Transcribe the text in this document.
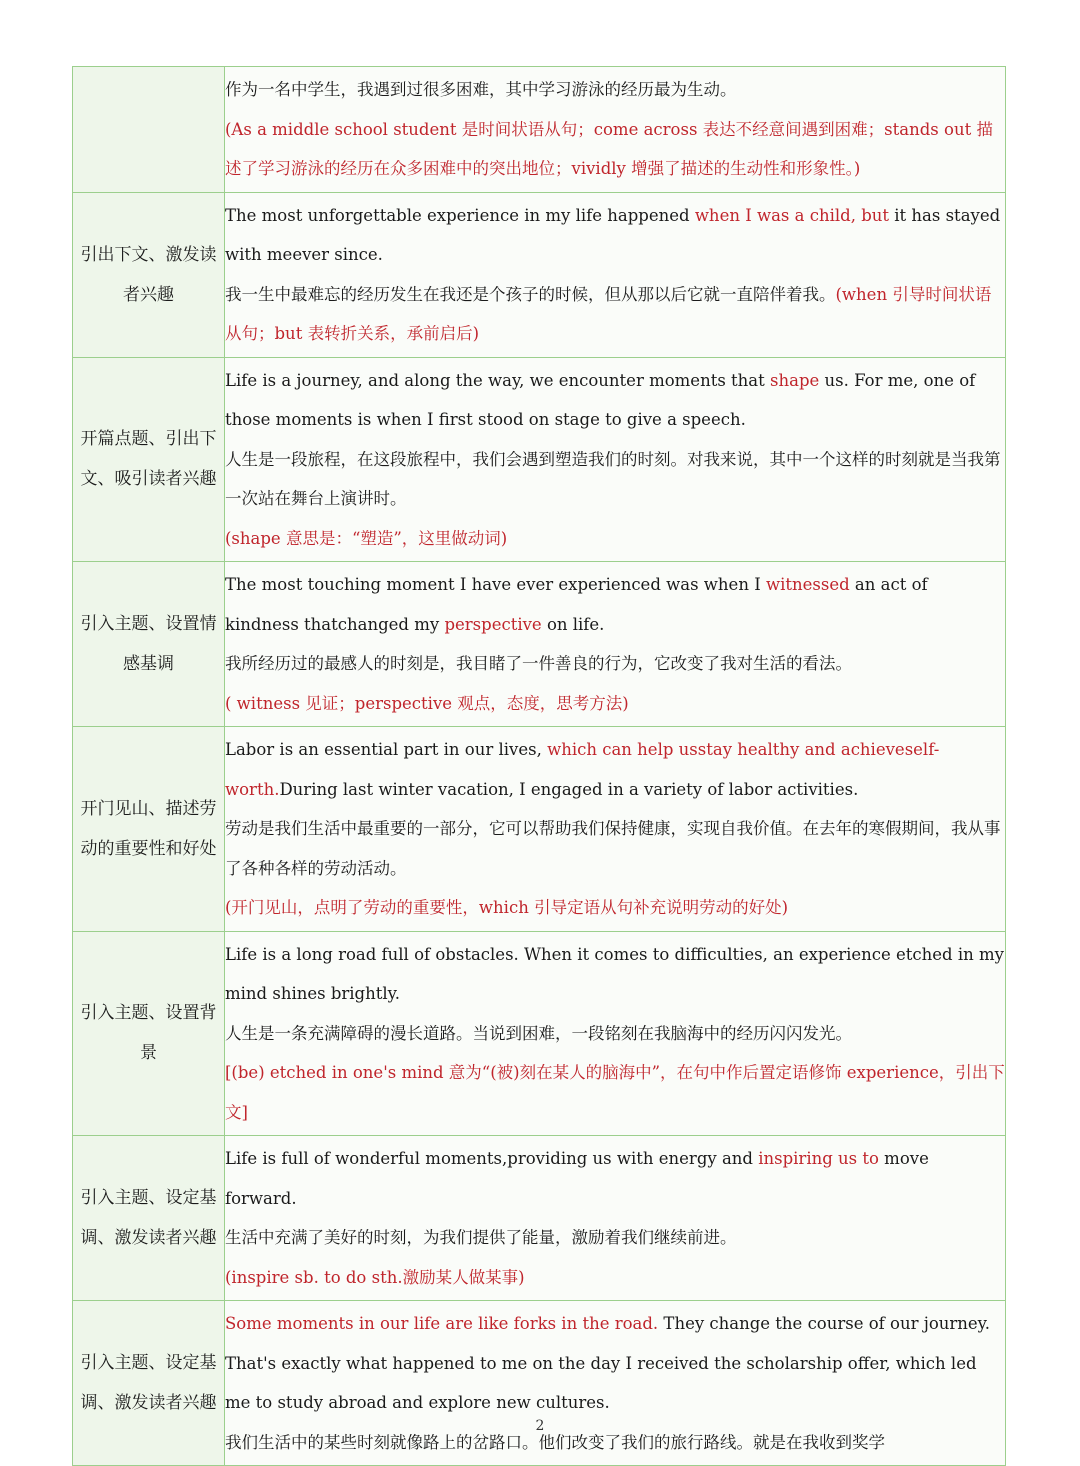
	作为一名中学生，我遇到过很多困难，其中学习游泳的经历最为生动。
(As a middle school student 是时间状语从句；come across 表达不经意间遇到困难；stands out 描述了学习游泳的经历在众多困难中的突出地位；vividly 增强了描述的生动性和形象性。)

引出下文、激发读者兴趣	The most unforgettable experience in my life happened when I was a child, but it has stayed with meever since.
我一生中最难忘的经历发生在我还是个孩子的时候，但从那以后它就一直陪伴着我。(when 引导时间状语从句；but 表转折关系，承前启后)

开篇点题、引出下文、吸引读者兴趣	Life is a journey, and along the way, we encounter moments that shape us. For me, one of those moments is when I first stood on stage to give a speech.
人生是一段旅程，在这段旅程中，我们会遇到塑造我们的时刻。对我来说，其中一个这样的时刻就是当我第一次站在舞台上演讲时。
(shape 意思是：“塑造”，这里做动词)

引入主题、设置情感基调	The most touching moment I have ever experienced was when I witnessed an act of kindness thatchanged my perspective on life.
我所经历过的最感人的时刻是，我目睹了一件善良的行为，它改变了我对生活的看法。
( witness 见证；perspective 观点，态度，思考方法)

开门见山、描述劳动的重要性和好处	Labor is an essential part in our lives, which can help usstay healthy and achieveself-worth.During last winter vacation, I engaged in a variety of labor activities.
劳动是我们生活中最重要的一部分，它可以帮助我们保持健康，实现自我价值。在去年的寒假期间，我从事了各种各样的劳动活动。
(开门见山，点明了劳动的重要性，which 引导定语从句补充说明劳动的好处)

引入主题、设置背景	Life is a long road full of obstacles. When it comes to difficulties, an experience etched in my mind shines brightly.
人生是一条充满障碍的漫长道路。当说到困难，一段铭刻在我脑海中的经历闪闪发光。
[(be) etched in one's mind 意为“(被)刻在某人的脑海中”，在句中作后置定语修饰 experience，引出下文]

引入主题、设定基调、激发读者兴趣	Life is full of wonderful moments,providing us with energy and inspiring us to move forward.
生活中充满了美好的时刻，为我们提供了能量，激励着我们继续前进。
(inspire sb. to do sth.激励某人做某事)

引入主题、设定基调、激发读者兴趣	Some moments in our life are like forks in the road. They change the course of our journey. That's exactly what happened to me on the day I received the scholarship offer, which led me to study abroad and explore new cultures.
我们生活中的某些时刻就像路上的岔路口。他们改变了我们的旅行路线。就是在我收到奖学
2
